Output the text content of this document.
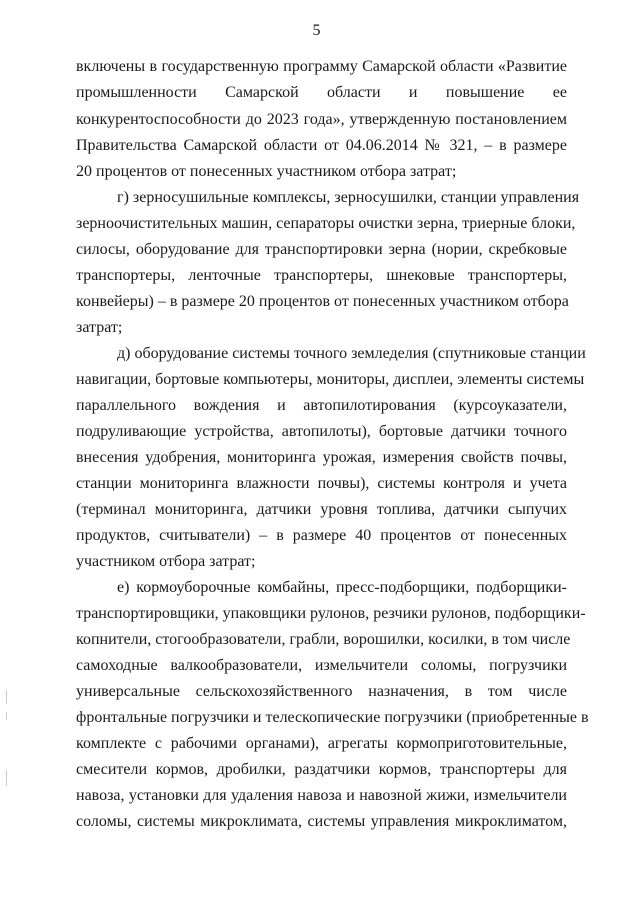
5
включены в государственную программу Самарской области «Развитие
промышленности Самарской области и повышение ее
конкурентоспособности до 2023 года», утвержденную постановлением
Правительства Самарской области от 04.06.2014 № 321, – в размере
20 процентов от понесенных участником отбора затрат;
г) зерносушильные комплексы, зерносушилки, станции управления
зерноочистительных машин, сепараторы очистки зерна, триерные блоки,
силосы, оборудование для транспортировки зерна (нории, скребковые
транспортеры, ленточные транспортеры, шнековые транспортеры,
конвейеры) – в размере 20 процентов от понесенных участником отбора
затрат;
д) оборудование системы точного земледелия (спутниковые станции
навигации, бортовые компьютеры, мониторы, дисплеи, элементы системы
параллельного вождения и автопилотирования (курсоуказатели,
подруливающие устройства, автопилоты), бортовые датчики точного
внесения удобрения, мониторинга урожая, измерения свойств почвы,
станции мониторинга влажности почвы), системы контроля и учета
(терминал мониторинга, датчики уровня топлива, датчики сыпучих
продуктов, считыватели) – в размере 40 процентов от понесенных
участником отбора затрат;
е) кормоуборочные комбайны, пресс-подборщики, подборщики-
транспортировщики, упаковщики рулонов, резчики рулонов, подборщики-
копнители, стогообразователи, грабли, ворошилки, косилки, в том числе
самоходные валкообразователи, измельчители соломы, погрузчики
универсальные сельскохозяйственного назначения, в том числе
фронтальные погрузчики и телескопические погрузчики (приобретенные в
комплекте с рабочими органами), агрегаты кормоприготовительные,
смесители кормов, дробилки, раздатчики кормов, транспортеры для
навоза, установки для удаления навоза и навозной жижи, измельчители
соломы, системы микроклимата, системы управления микроклиматом,
